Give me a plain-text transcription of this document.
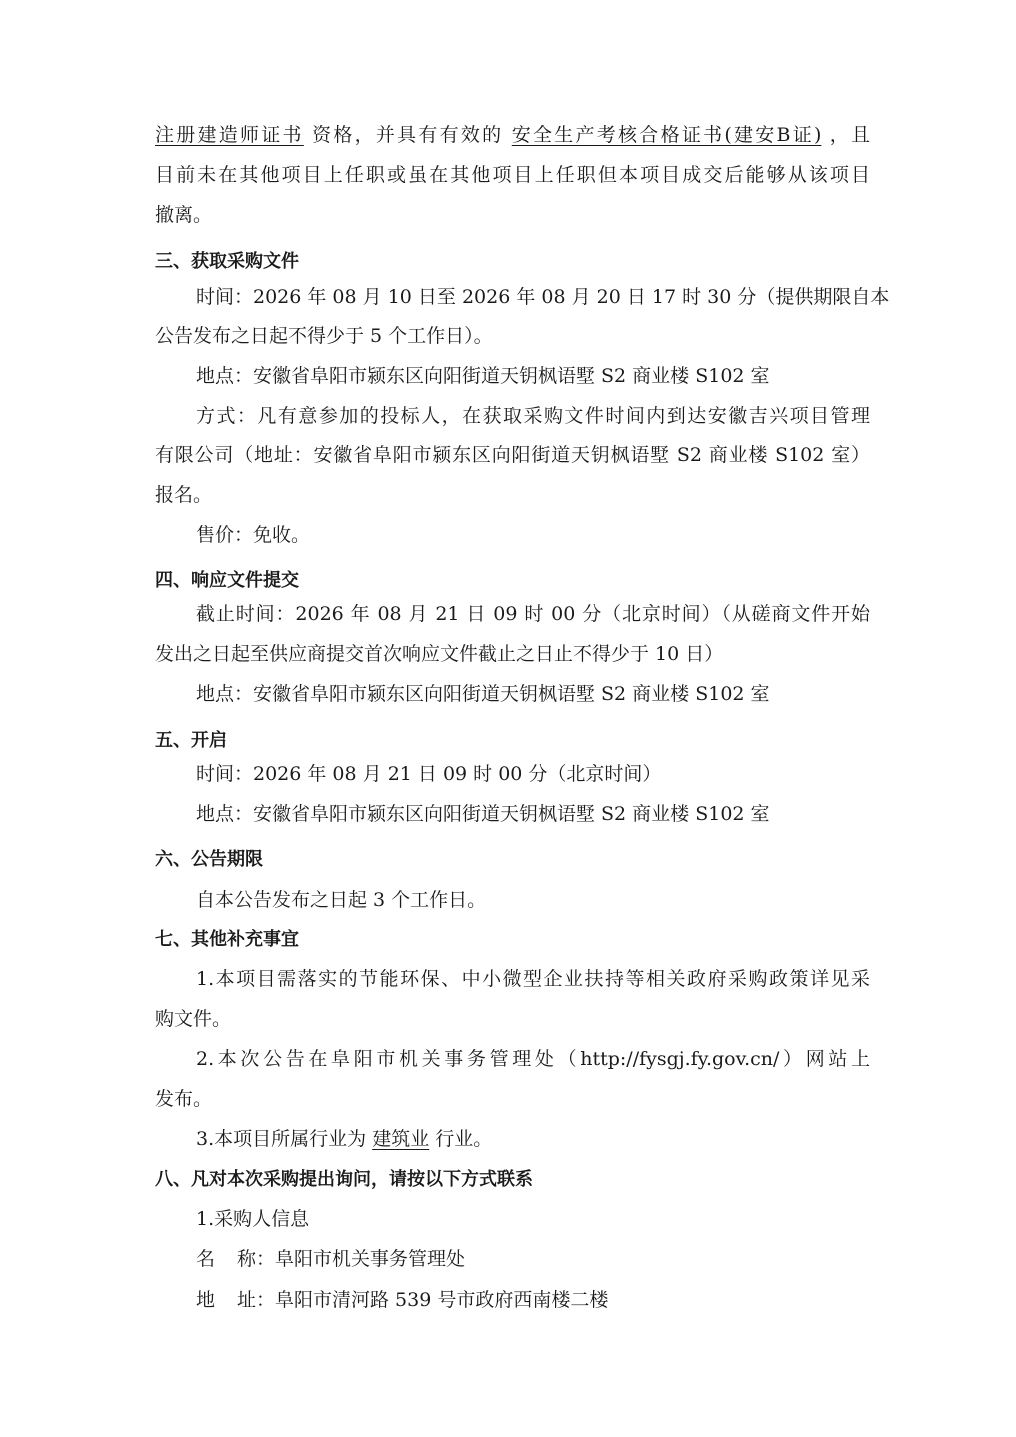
注册建造师证书 资格，并具有有效的 安全生产考核合格证书(建安B证) ，且
目前未在其他项目上任职或虽在其他项目上任职但本项目成交后能够从该项目
撤离。
三、获取采购文件
时间：2026 年 08 月 10 日至 2026 年 08 月 20 日 17 时 30 分（提供期限自本
公告发布之日起不得少于 5 个工作日）。
地点：安徽省阜阳市颍东区向阳街道天钥枫语墅 S2 商业楼 S102 室
方式：凡有意参加的投标人，在获取采购文件时间内到达安徽吉兴项目管理
有限公司（地址：安徽省阜阳市颍东区向阳街道天钥枫语墅 S2 商业楼 S102 室）
报名。
售价：免收。
四、响应文件提交
截止时间：2026 年 08 月 21 日 09 时 00 分（北京时间）（从磋商文件开始
发出之日起至供应商提交首次响应文件截止之日止不得少于 10 日）
地点：安徽省阜阳市颍东区向阳街道天钥枫语墅 S2 商业楼 S102 室
五、开启
时间：2026 年 08 月 21 日 09 时 00 分（北京时间）
地点：安徽省阜阳市颍东区向阳街道天钥枫语墅 S2 商业楼 S102 室
六、公告期限
自本公告发布之日起 3 个工作日。
七、其他补充事宜
1.本项目需落实的节能环保、中小微型企业扶持等相关政府采购政策详见采
购文件。
2.本次公告在阜阳市机关事务管理处（http://fysgj.fy.gov.cn/）网站上
发布。
3.本项目所属行业为 建筑业 行业。
八、凡对本次采购提出询问，请按以下方式联系
1.采购人信息
名称：阜阳市机关事务管理处
地址：阜阳市清河路 539 号市政府西南楼二楼
